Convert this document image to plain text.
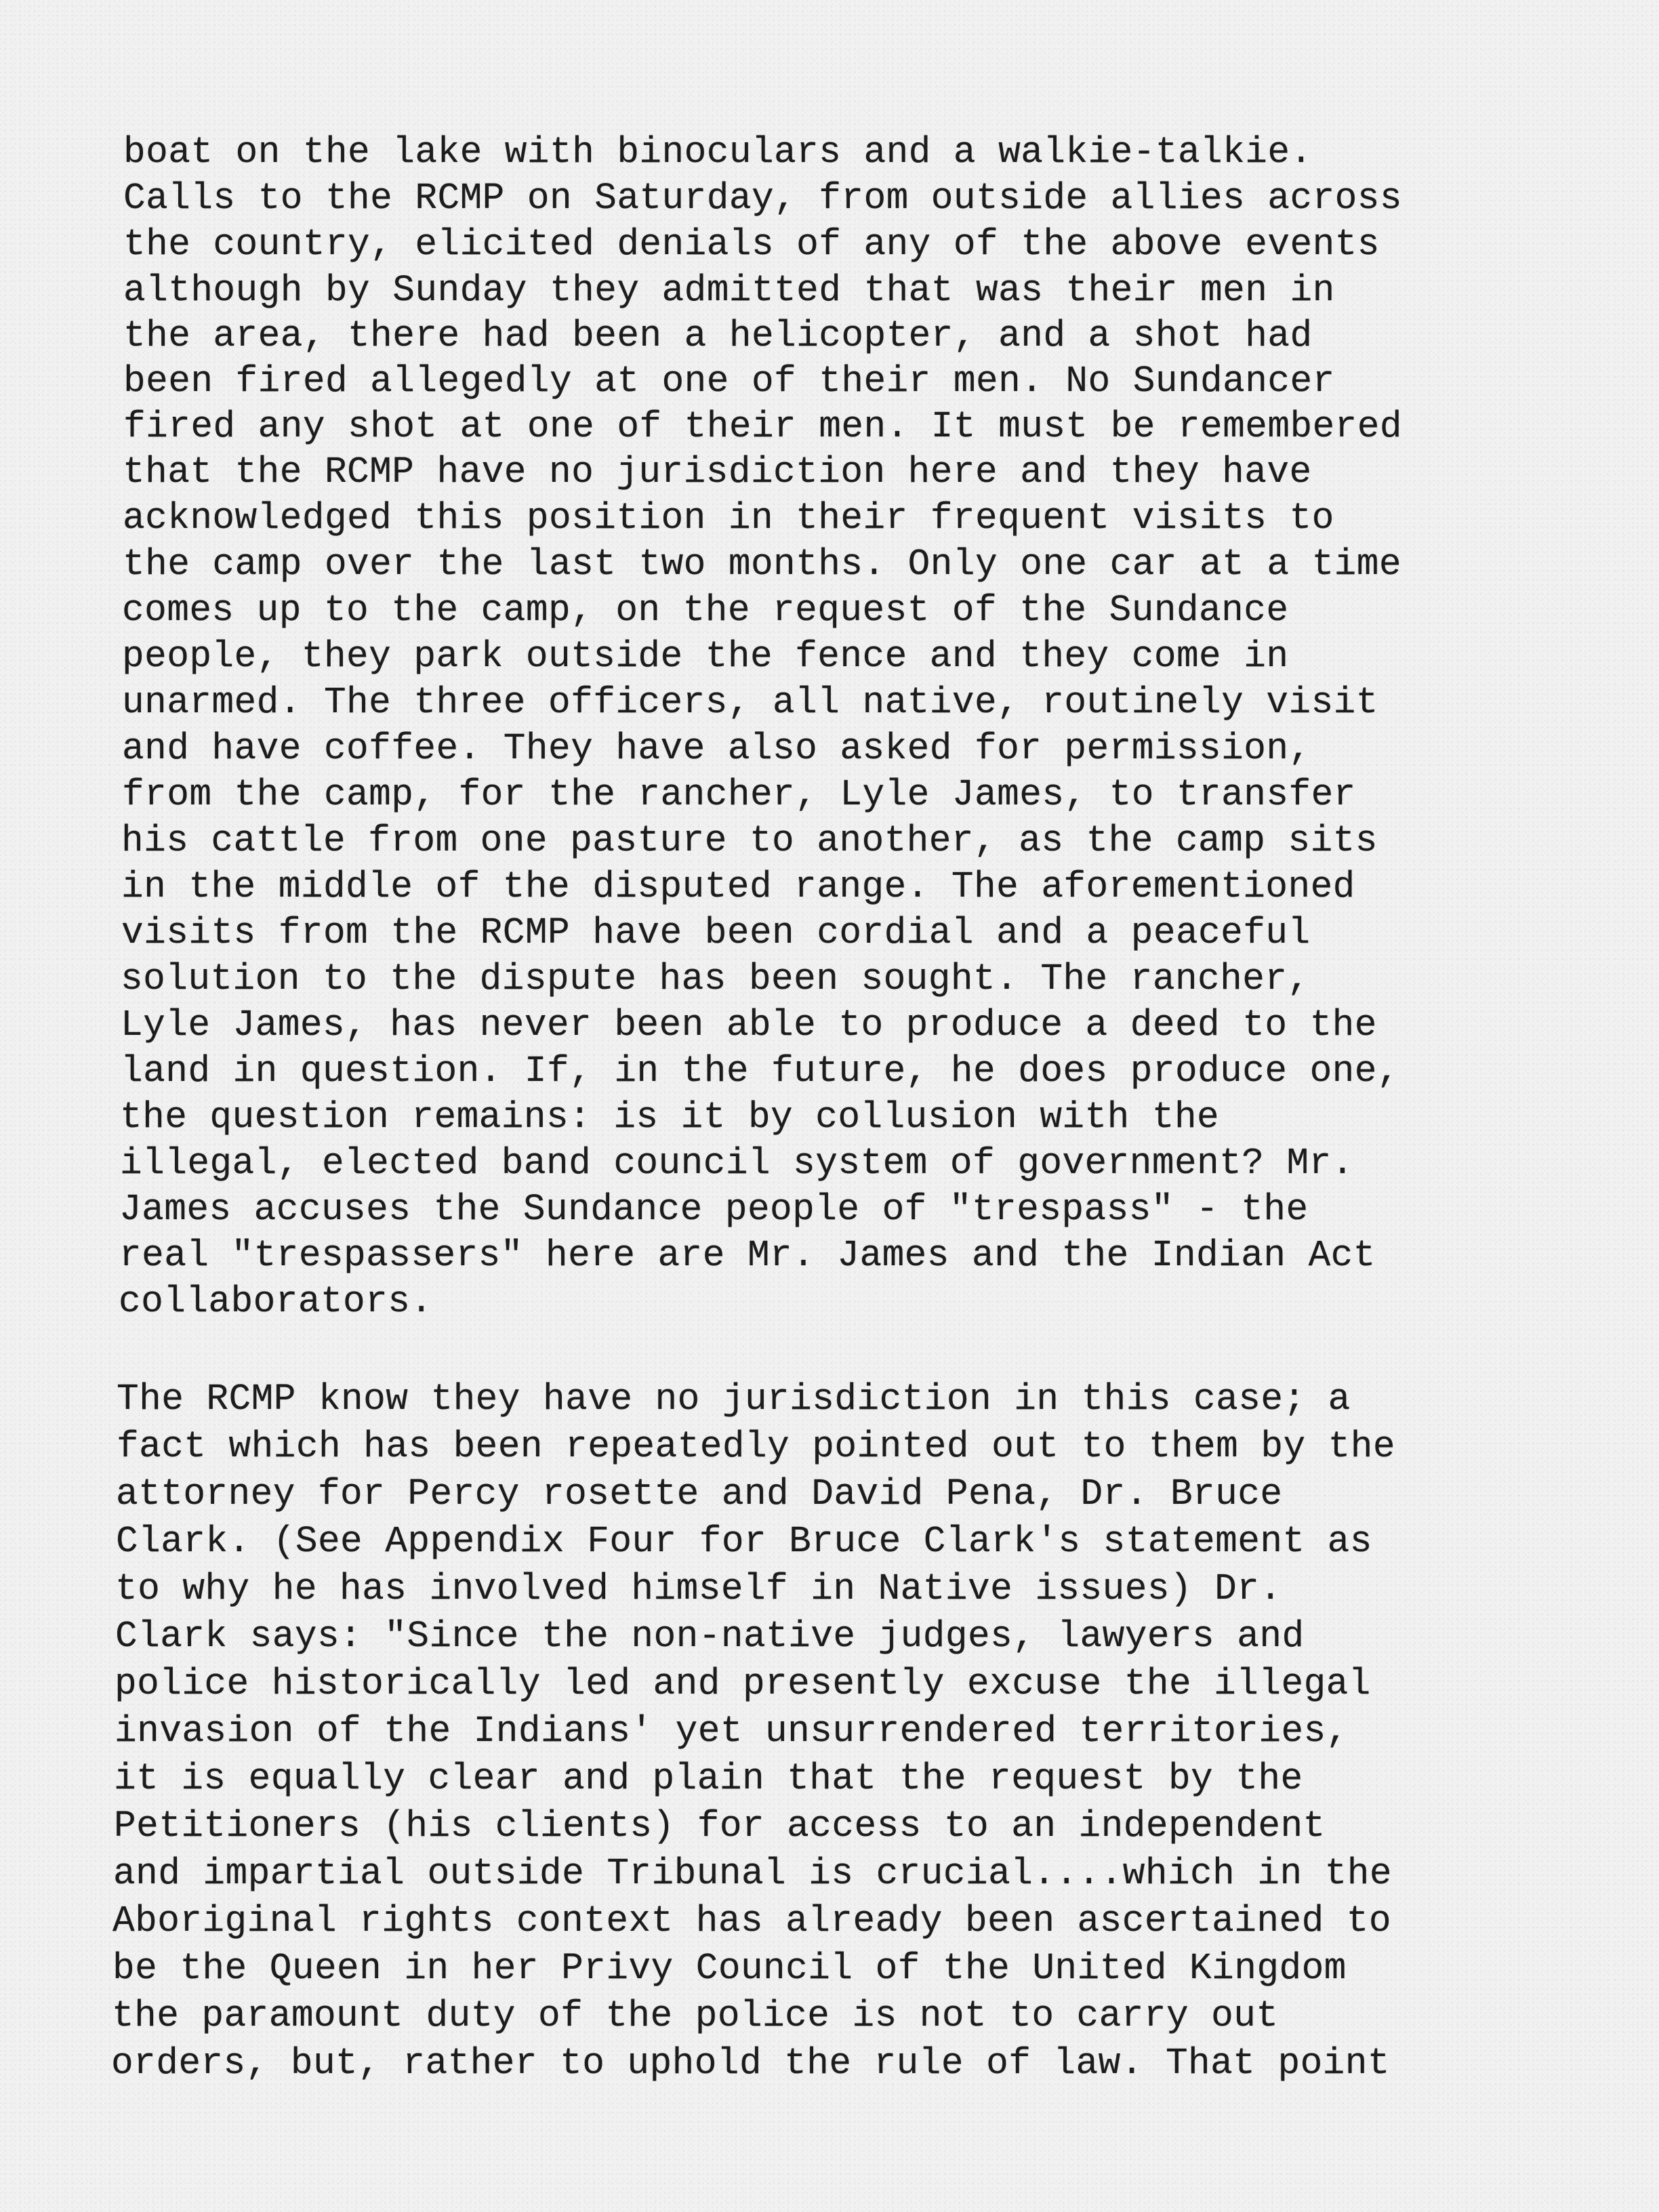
boat on the lake with binoculars and a walkie-talkie.
Calls to the RCMP on Saturday, from outside allies across
the country, elicited denials of any of the above events
although by Sunday they admitted that was their men in
the area, there had been a helicopter, and a shot had
been fired allegedly at one of their men. No Sundancer
fired any shot at one of their men. It must be remembered
that the RCMP have no jurisdiction here and they have
acknowledged this position in their frequent visits to
the camp over the last two months. Only one car at a time
comes up to the camp, on the request of the Sundance
people, they park outside the fence and they come in
unarmed. The three officers, all native, routinely visit
and have coffee. They have also asked for permission,
from the camp, for the rancher, Lyle James, to transfer
his cattle from one pasture to another, as the camp sits
in the middle of the disputed range. The aforementioned
visits from the RCMP have been cordial and a peaceful
solution to the dispute has been sought. The rancher,
Lyle James, has never been able to produce a deed to the
land in question. If, in the future, he does produce one,
the question remains: is it by collusion with the
illegal, elected band council system of government? Mr.
James accuses the Sundance people of "trespass" - the
real "trespassers" here are Mr. James and the Indian Act
collaborators.
The RCMP know they have no jurisdiction in this case; a
fact which has been repeatedly pointed out to them by the
attorney for Percy rosette and David Pena, Dr. Bruce
Clark. (See Appendix Four for Bruce Clark's statement as
to why he has involved himself in Native issues) Dr.
Clark says: "Since the non-native judges, lawyers and
police historically led and presently excuse the illegal
invasion of the Indians' yet unsurrendered territories,
it is equally clear and plain that the request by the
Petitioners (his clients) for access to an independent
and impartial outside Tribunal is crucial....which in the
Aboriginal rights context has already been ascertained to
be the Queen in her Privy Council of the United Kingdom
the paramount duty of the police is not to carry out
orders, but, rather to uphold the rule of law. That point
